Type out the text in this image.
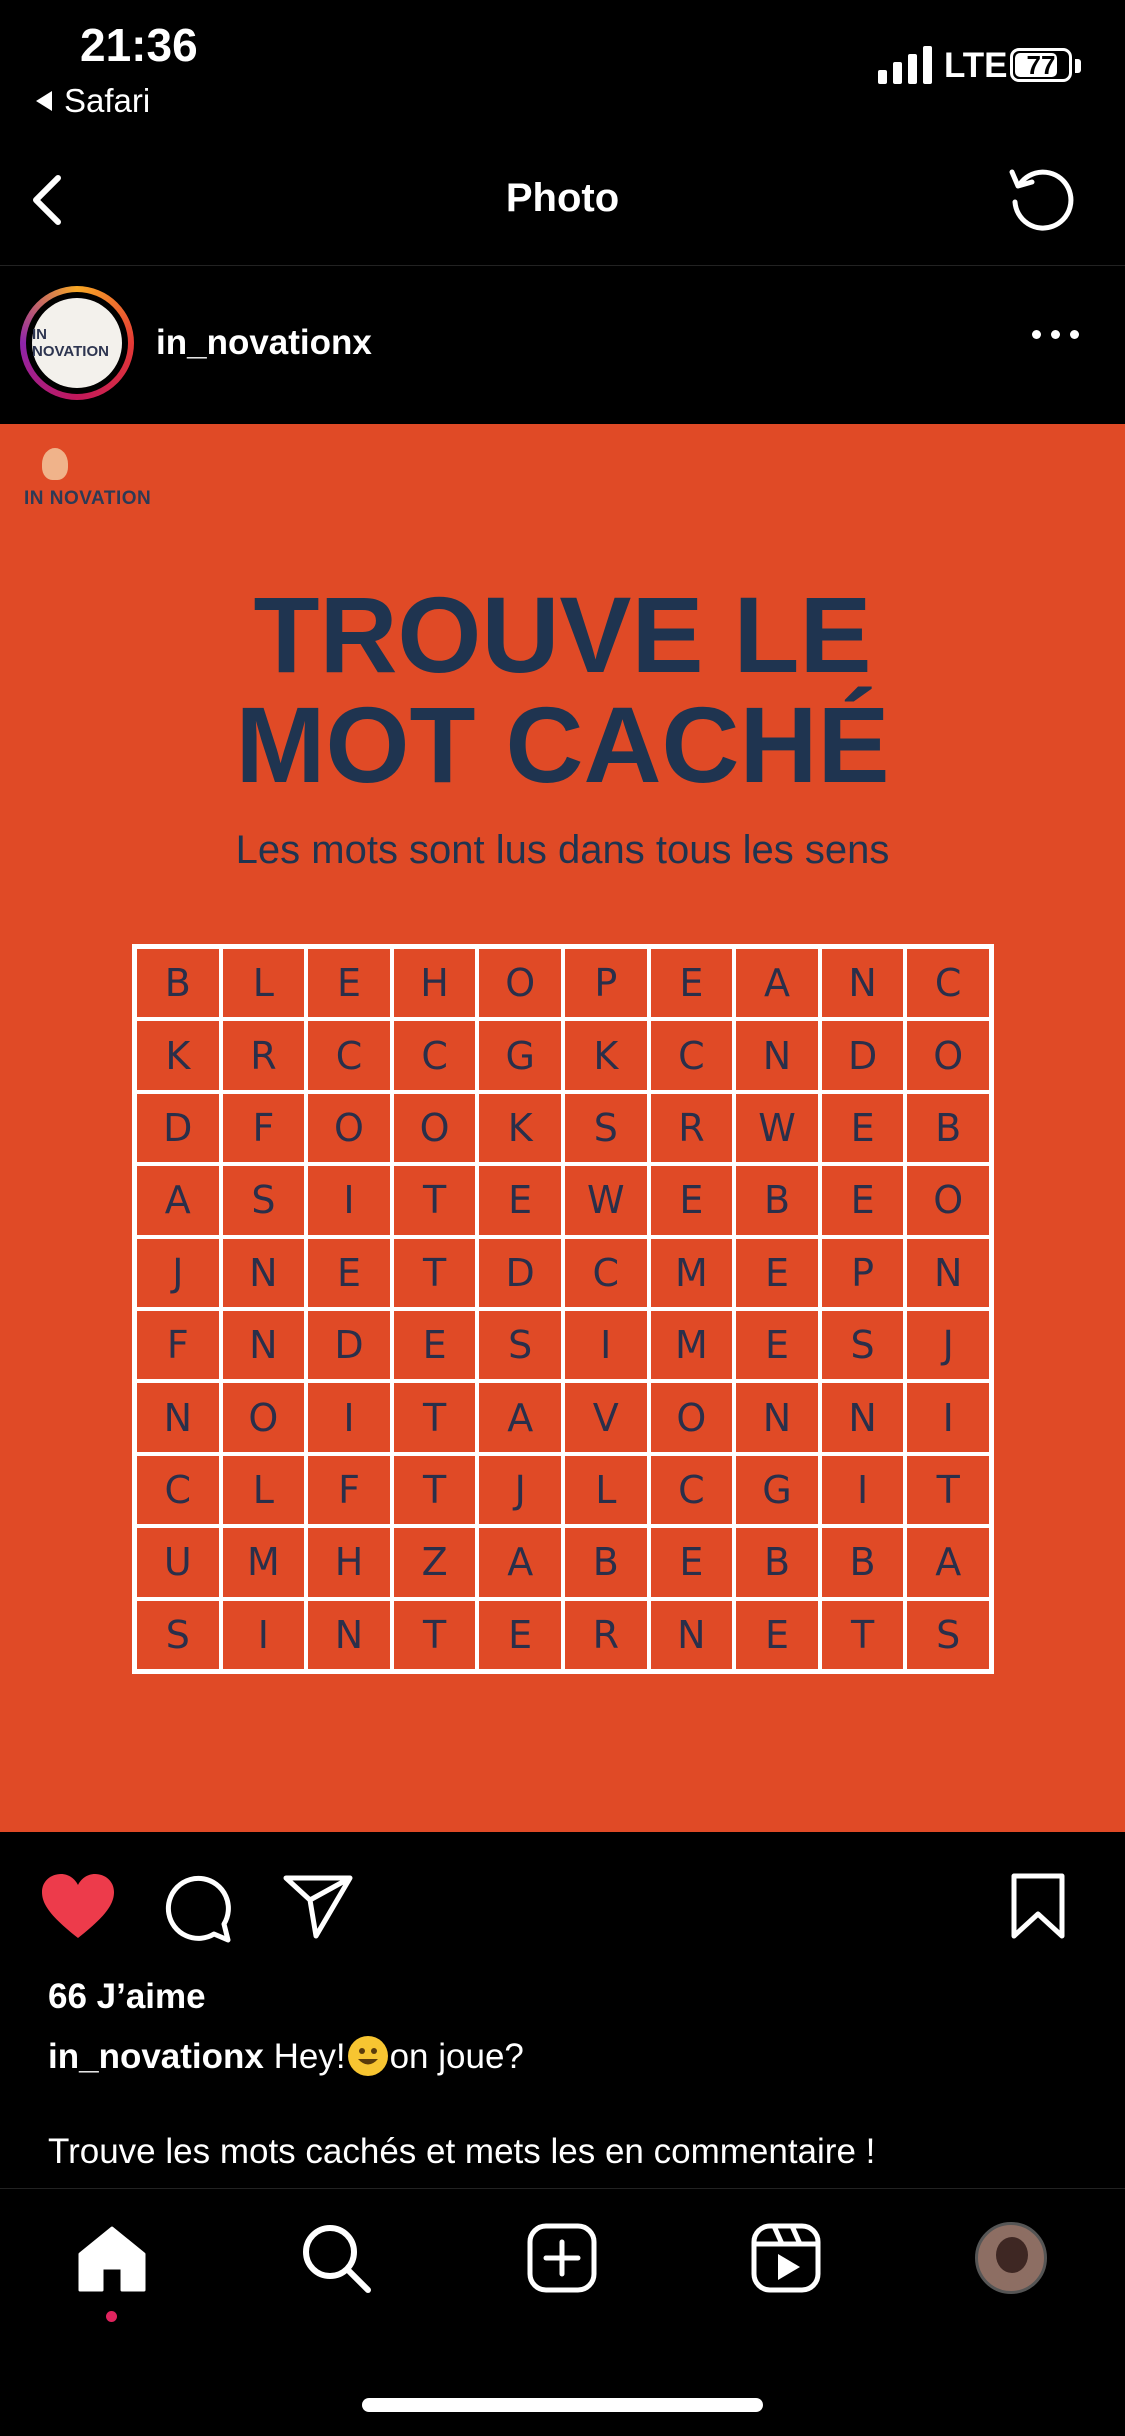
21:36
Safari
LTE 77
Photo
IN NOVATION	in_novationx
IN NOVATION
TROUVE LE
MOT CACHÉ
Les mots sont lus dans tous les sens
B	L	E	H	O	P	E	A	N	C
K	R	C	C	G	K	C	N	D	O
D	F	O	O	K	S	R	W	E	B
A	S	I	T	E	W	E	B	E	O
J	N	E	T	D	C	M	E	P	N
F	N	D	E	S	I	M	E	S	J
N	O	I	T	A	V	O	N	N	I
C	L	F	T	J	L	C	G	I	T
U	M	H	Z	A	B	E	B	B	A
S	I	N	T	E	R	N	E	T	S
66 J’aime
in_novationx Hey! on joue?
Trouve les mots cachés et mets les en commentaire !
